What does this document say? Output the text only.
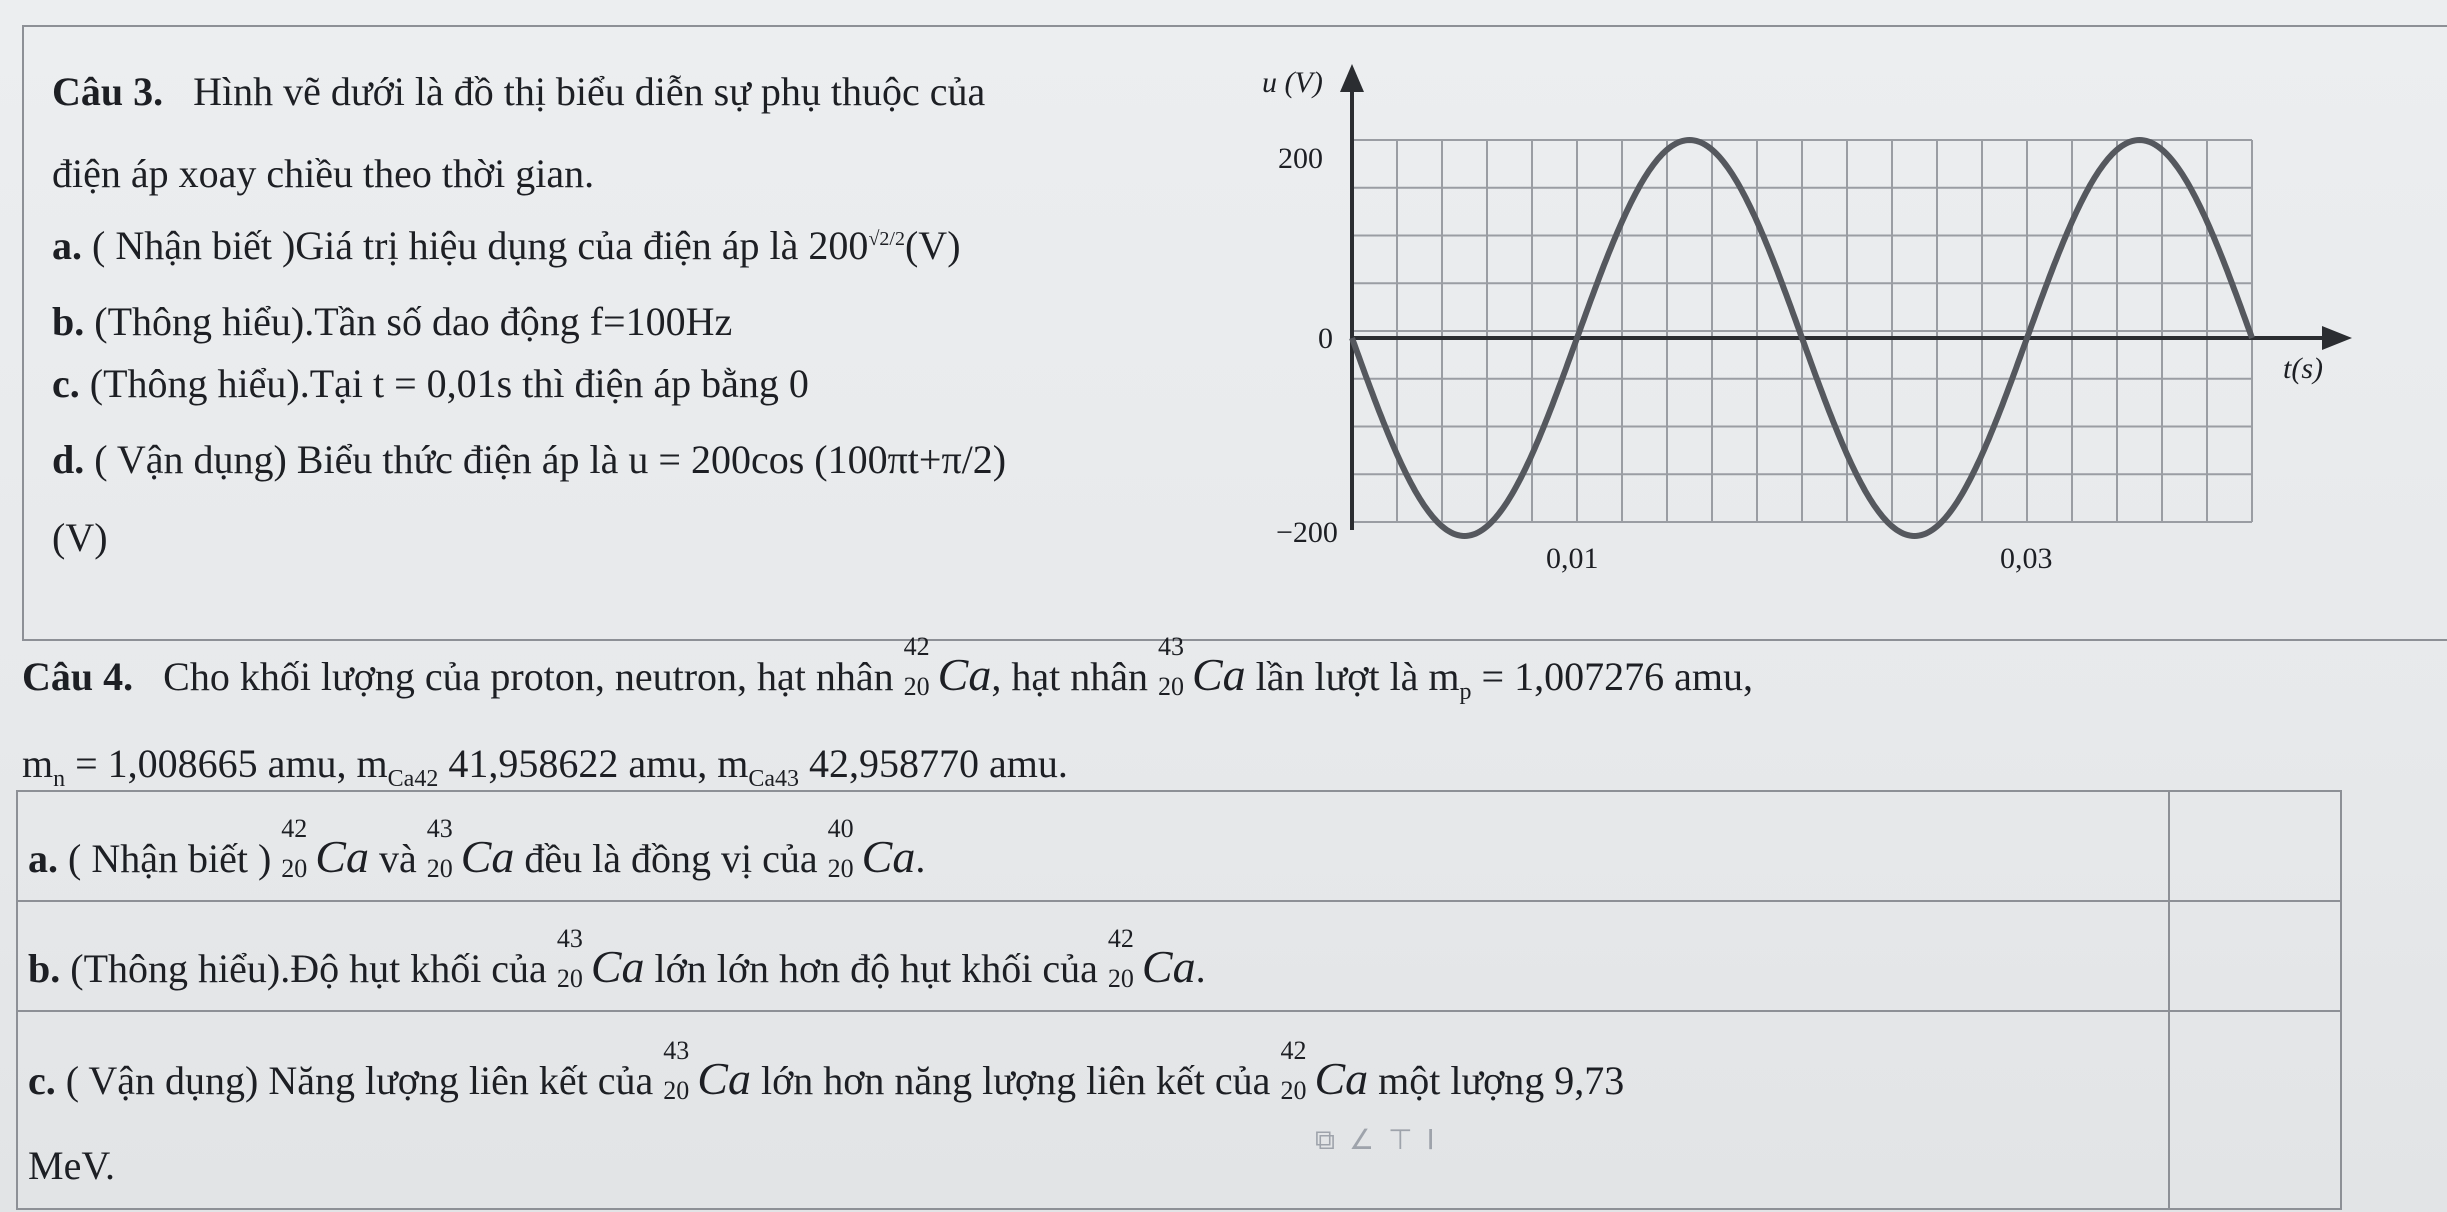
Câu 3. Hình vẽ dưới là đồ thị biểu diễn sự phụ thuộc của
điện áp xoay chiều theo thời gian.
a. ( Nhận biết )Giá trị hiệu dụng của điện áp là 200√2/2(V)
b. (Thông hiểu).Tần số dao động f=100Hz
c. (Thông hiểu).Tại t = 0,01s thì điện áp bằng 0
d. ( Vận dụng) Biểu thức điện áp là u = 200cos (100πt+π/2)
(V)
u (V)
t(s)
200
0
−200
0,01	0,03
Câu 4. Cho khối lượng của proton, neutron, hạt nhân
42
20 Ca, hạt nhân
43
20 Ca lần lượt là $m_p = 1,007276$ amu,
$m_n = 1,008665$ amu, $m_{Ca42}$ 41,958622 amu, $m_{Ca43}$ 42,958770 amu.
a. ( Nhận biết )
42
20 Ca và
43
20 Ca đều là đồng vị của
40
20 Ca.
b. (Thông hiểu).Độ hụt khối của
43
20 Ca lớn lớn hơn độ hụt khối của
42
20 Ca.
c. ( Vận dụng) Năng lượng liên kết của
43
20 Ca lớn hơn năng lượng liên kết của
42
20 Ca một lượng 9,73
MeV.
⧉∠⊤I
